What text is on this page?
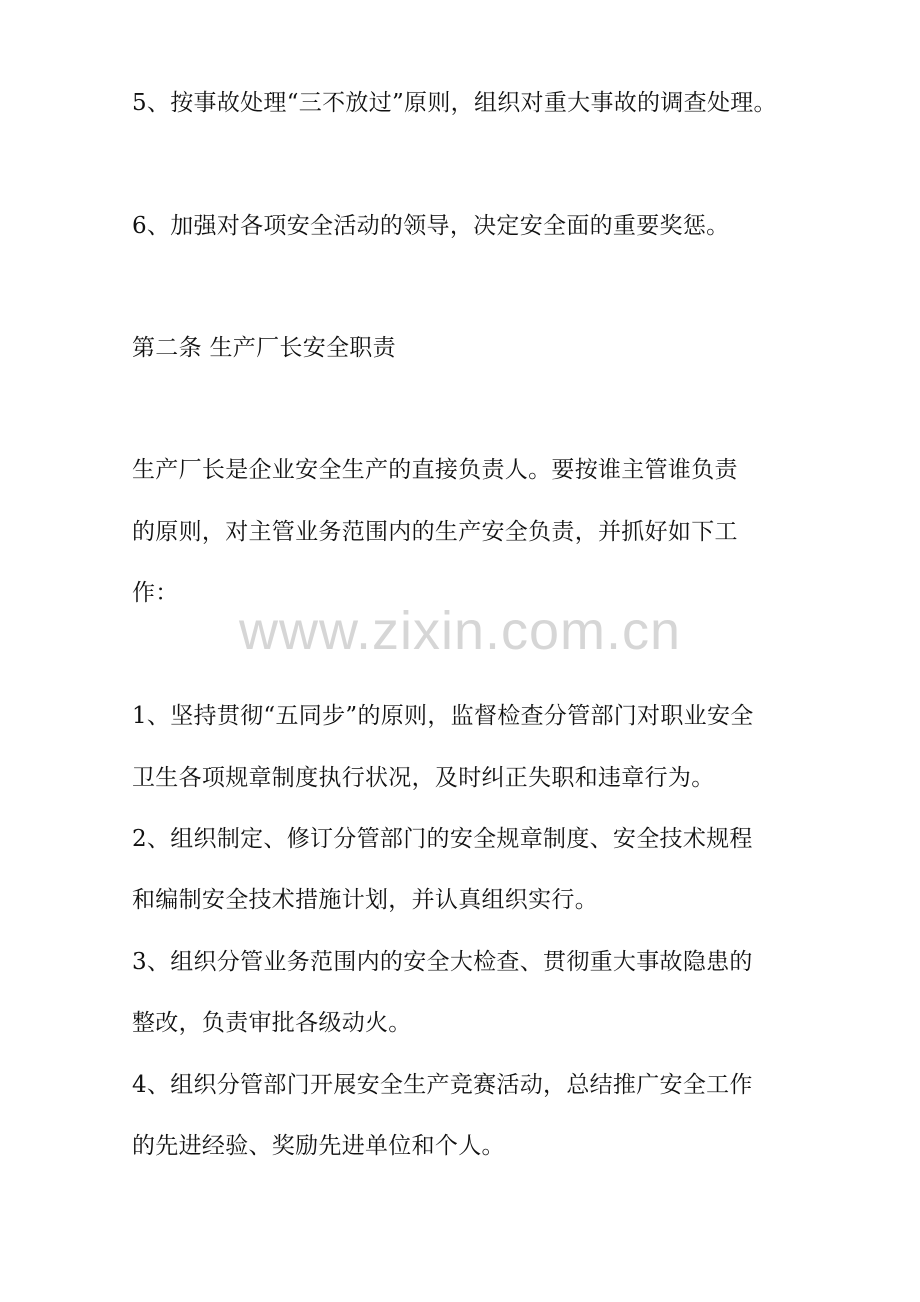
5、按事故处理“三不放过”原则，组织对重大事故的调查处理。
6、加强对各项安全活动的领导，决定安全面的重要奖惩。
第二条 生产厂长安全职责
生产厂长是企业安全生产的直接负责人。要按谁主管谁负责
的原则，对主管业务范围内的生产安全负责，并抓好如下工
作：
www.zixin.com.cn
1、坚持贯彻“五同步”的原则，监督检查分管部门对职业安全
卫生各项规章制度执行状况，及时纠正失职和违章行为。
2、组织制定、修订分管部门的安全规章制度、安全技术规程
和编制安全技术措施计划，并认真组织实行。
3、组织分管业务范围内的安全大检查、贯彻重大事故隐患的
整改，负责审批各级动火。
4、组织分管部门开展安全生产竞赛活动，总结推广安全工作
的先进经验、奖励先进单位和个人。
